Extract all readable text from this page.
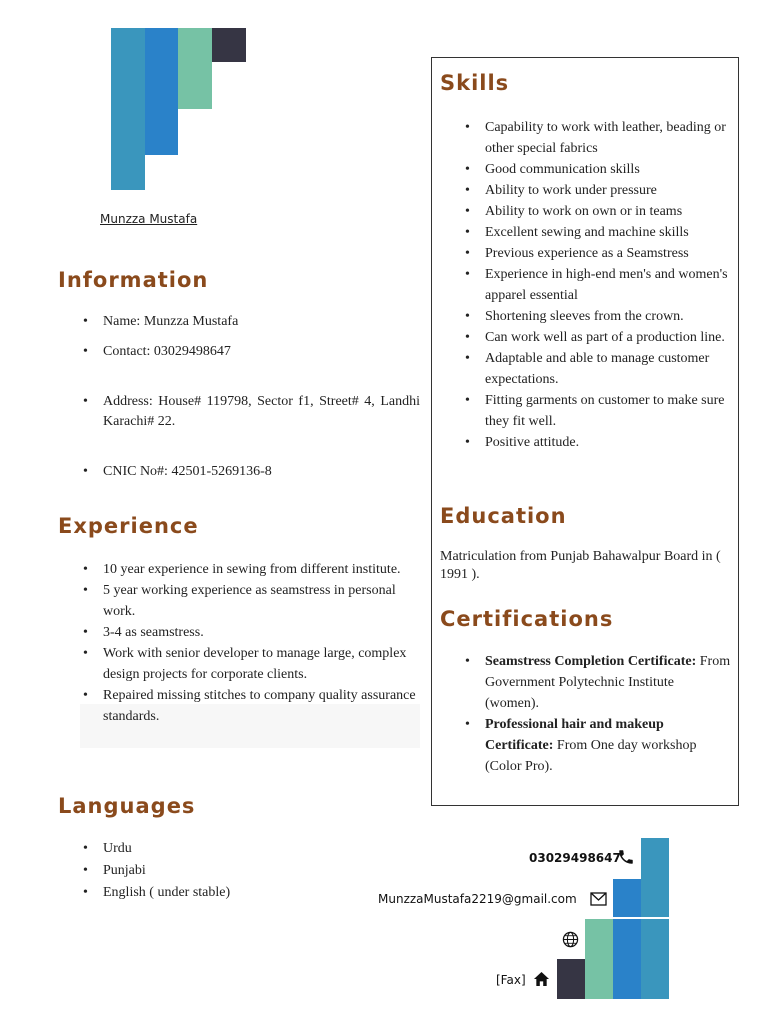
Munzza Mustafa
Information
• Name: Munzza Mustafa
• Contact: 03029498647
• Address: House# 119798, Sector f1, Street# 4, Landhi Karachi# 22.
• CNIC No#: 42501-5269136-8
Experience
• 10 year experience in sewing from different institute.
• 5 year working experience as seamstress in personal work.
• 3-4 as seamstress.
• Work with senior developer to manage large, complex design projects for corporate clients.
• Repaired missing stitches to company quality assurance standards.
Languages
• Urdu
• Punjabi
• English ( under stable)
Skills
• Capability to work with leather, beading or other special fabrics
• Good communication skills
• Ability to work under pressure
• Ability to work on own or in teams
• Excellent sewing and machine skills
• Previous experience as a Seamstress
• Experience in high-end men's and women's apparel essential
• Shortening sleeves from the crown.
• Can work well as part of a production line.
• Adaptable and able to manage customer expectations.
• Fitting garments on customer to make sure they fit well.
• Positive attitude.
Education
Matriculation from Punjab Bahawalpur Board in ( 1991 ).
Certifications
• Seamstress Completion Certificate: From Government Polytechnic Institute (women).
• Professional hair and makeup Certificate: From One day workshop (Color Pro).
03029498647
MunzzaMustafa2219@gmail.com
[Fax]
